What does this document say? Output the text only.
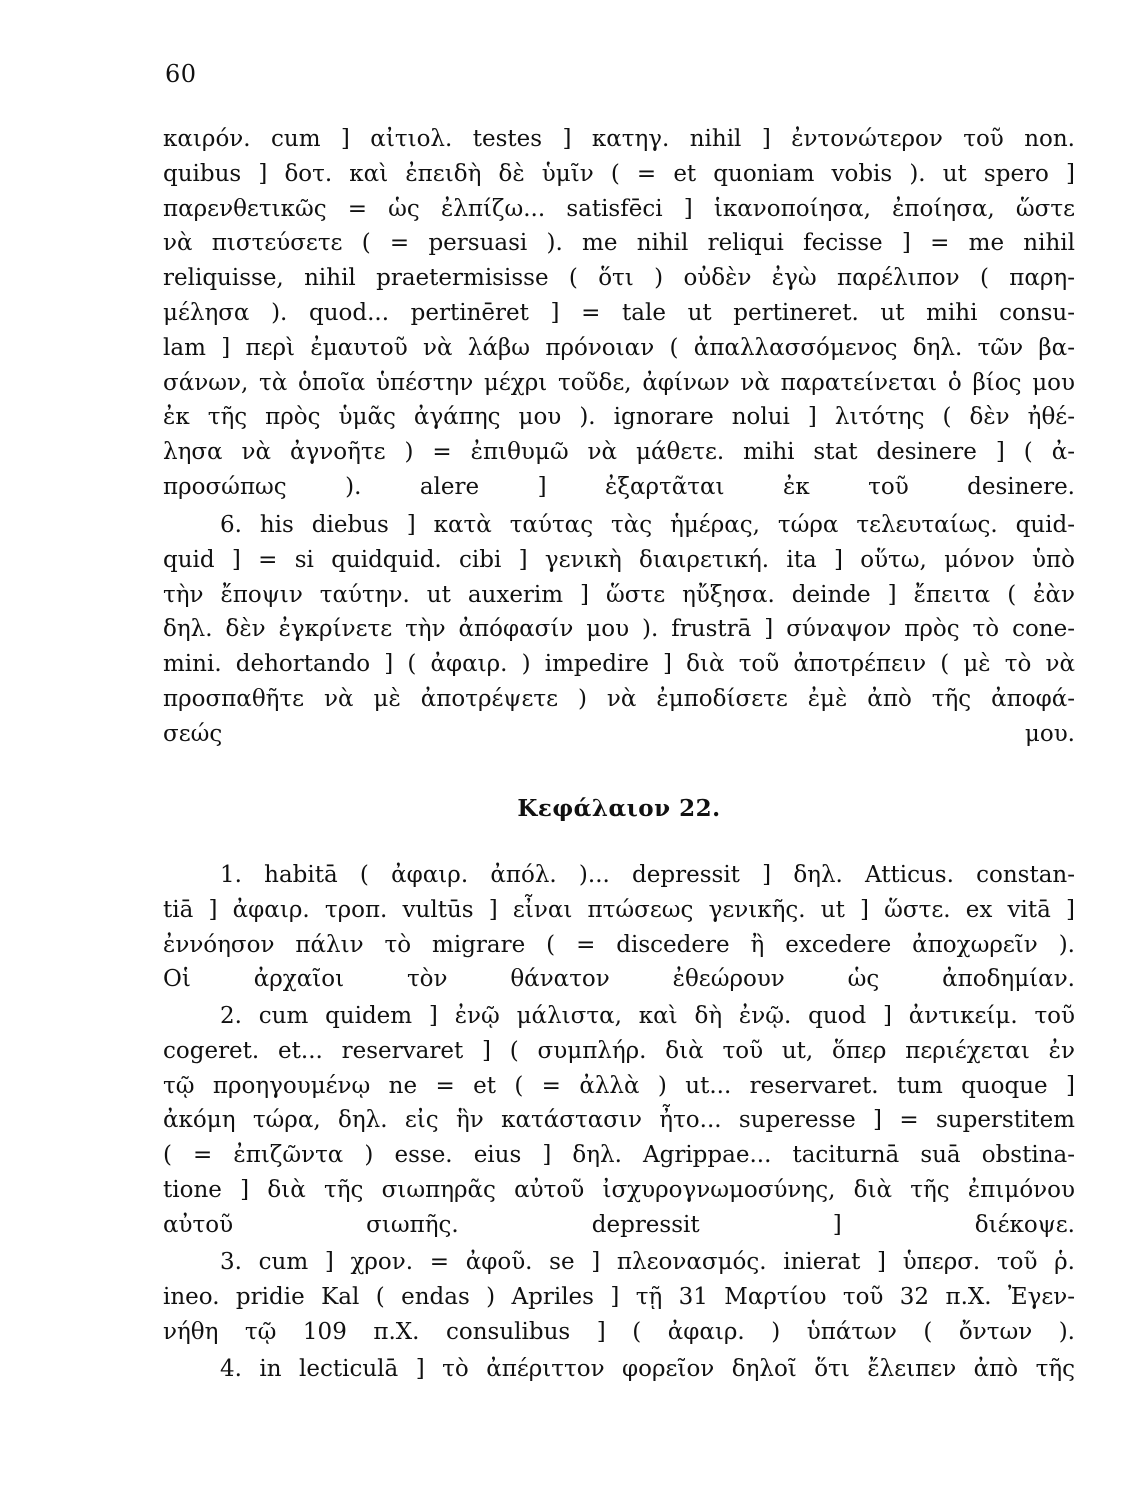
60
καιρόν. cum ] αἰτιολ. testes ] κατηγ. nihil ] ἐντονώτερον τοῦ non.
quibus ] δοτ. καὶ ἐπειδὴ δὲ ὑμῖν ( = et quoniam vobis ). ut spero ]
παρενθετικῶς = ὡς ἐλπίζω... satisfēci ] ἱκανοποίησα, ἐποίησα, ὥστε
νὰ πιστεύσετε ( = persuasi ). me nihil reliqui fecisse ] = me nihil
reliquisse, nihil praetermisisse ( ὅτι ) οὐδὲν ἐγὼ παρέλιπον ( παρη-
μέλησα ). quod... pertinēret ] = tale ut pertineret. ut mihi consu-
lam ] περὶ ἐμαυτοῦ νὰ λάβω πρόνοιαν ( ἀπαλλασσόμενος δηλ. τῶν βα-
σάνων, τὰ ὁποῖα ὑπέστην μέχρι τοῦδε, ἀφίνων νὰ παρατείνεται ὁ βίος μου
ἐκ τῆς πρὸς ὑμᾶς ἀγάπης μου ). ignorare nolui ] λιτότης ( δὲν ἠθέ-
λησα νὰ ἀγνοῆτε ) = ἐπιθυμῶ νὰ μάθετε. mihi stat desinere ] ( ἀ-
προσώπως ). alere ] ἐξαρτᾶται ἐκ τοῦ desinere.
6. his diebus ] κατὰ ταύτας τὰς ἡμέρας, τώρα τελευταίως. quid-
quid ] = si quidquid. cibi ] γενικὴ διαιρετική. ita ] οὕτω, μόνον ὑπὸ
τὴν ἔποψιν ταύτην. ut auxerim ] ὥστε ηὔξησα. deinde ] ἔπειτα ( ἐὰν
δηλ. δὲν ἐγκρίνετε τὴν ἀπόφασίν μου ). frustrā ] σύναψον πρὸς τὸ cone-
mini. dehortando ] ( ἀφαιρ. ) impedire ] διὰ τοῦ ἀποτρέπειν ( μὲ τὸ νὰ
προσπαθῆτε νὰ μὲ ἀποτρέψετε ) νὰ ἐμποδίσετε ἐμὲ ἀπὸ τῆς ἀποφά-
σεώς μου.
Κεφάλαιον 22.
1. habitā ( ἀφαιρ. ἀπόλ. )... depressit ] δηλ. Atticus. constan-
tiā ] ἀφαιρ. τροπ. vultūs ] εἶναι πτώσεως γενικῆς. ut ] ὥστε. ex vitā ]
ἐννόησον πάλιν τὸ migrare ( = discedere ἢ excedere ἀποχωρεῖν ).
Οἱ ἀρχαῖοι τὸν θάνατον ἐθεώρουν ὡς ἀποδημίαν.
2. cum quidem ] ἐνῷ μάλιστα, καὶ δὴ ἐνῷ. quod ] ἀντικείμ. τοῦ
cogeret. et... reservaret ] ( συμπλήρ. διὰ τοῦ ut, ὅπερ περιέχεται ἐν
τῷ προηγουμένῳ ne = et ( = ἀλλὰ ) ut... reservaret. tum quoque ]
ἀκόμη τώρα, δηλ. εἰς ἣν κατάστασιν ἦτο... superesse ] = superstitem
( = ἐπιζῶντα ) esse. eius ] δηλ. Agrippae... taciturnā suā obstina-
tione ] διὰ τῆς σιωπηρᾶς αὐτοῦ ἰσχυρογνωμοσύνης, διὰ τῆς ἐπιμόνου
αὐτοῦ σιωπῆς. depressit ] διέκοψε.
3. cum ] χρον. = ἀφοῦ. se ] πλεονασμός. inierat ] ὑπερσ. τοῦ ῥ.
ineo. pridie Kal ( endas ) Apriles ] τῇ 31 Μαρτίου τοῦ 32 π.Χ. Ἐγεν-
νήθη τῷ 109 π.Χ. consulibus ] ( ἀφαιρ. ) ὑπάτων ( ὄντων ).
4. in lecticulā ] τὸ ἀπέριττον φορεῖον δηλοῖ ὅτι ἔλειπεν ἀπὸ τῆς
